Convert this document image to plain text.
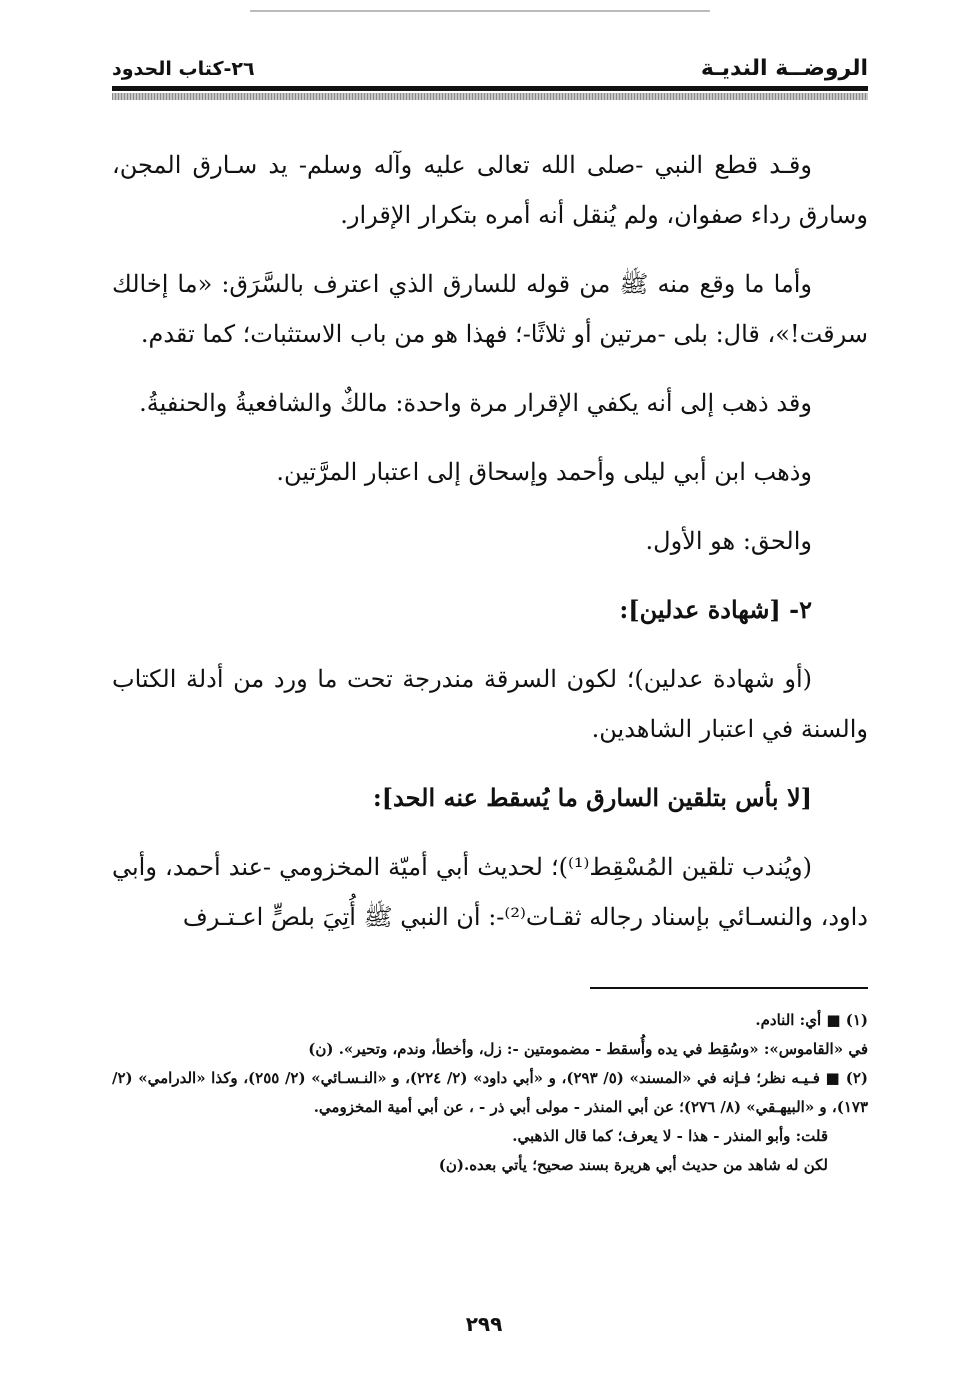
الروضــة النديـة
٢٦-كتاب الحدود

وقـد قطع النبي -صلى الله تعالى عليه وآله وسلم- يد سـارق المجن، وسارق رداء صفوان، ولم يُنقل أنه أمره بتكرار الإقرار.

وأما ما وقع منه ﷺ من قوله للسارق الذي اعترف بالسَّرَق: «ما إخالك سرقت!»، قال: بلى -مرتين أو ثلاثًا-؛ فهذا هو من باب الاستثبات؛ كما تقدم.

وقد ذهب إلى أنه يكفي الإقرار مرة واحدة: مالكٌ والشافعيةُ والحنفيةُ.

وذهب ابن أبي ليلى وأحمد وإسحاق إلى اعتبار المرَّتين.

والحق: هو الأول.

٢- [شهادة عدلين]:

(أو شهادة عدلين)؛ لكون السرقة مندرجة تحت ما ورد من أدلة الكتاب والسنة في اعتبار الشاهدين.

[لا بأس بتلقين السارق ما يُسقط عنه الحد]:

(ويُندب تلقين المُسْقِط⁽¹⁾)؛ لحديث أبي أميّة المخزومي -عند أحمد، وأبي داود، والنسـائي بإسناد رجاله ثقـات⁽²⁾-: أن النبي ﷺ أُتِيَ بلصٍّ اعـتـرف

(١) ■ أي: النادم.

في «القاموس»: «وسُقِط في يده وأُسقط - مضمومتين -: زل، وأخطأ، وندم، وتحير». (ن)

(٢) ■ فـيـه نظر؛ فـإنه في «المسند» (٥/ ٢٩٣)، و «أبي داود» (٢/ ٢٢٤)، و «النـسـائي» (٢/ ٢٥٥)، وكذا «الدرامي» (٢/ ١٧٣)، و «البيهـقي» (٨/ ٢٧٦)؛ عن أبي المنذر - مولى أبي ذر - ، عن أبي أمية المخزومي.

قلت: وأبو المنذر - هذا - لا يعرف؛ كما قال الذهبي.

لكن له شاهد من حديث أبي هريرة بسند صحيح؛ يأتي بعده.(ن)

٢٩٩
